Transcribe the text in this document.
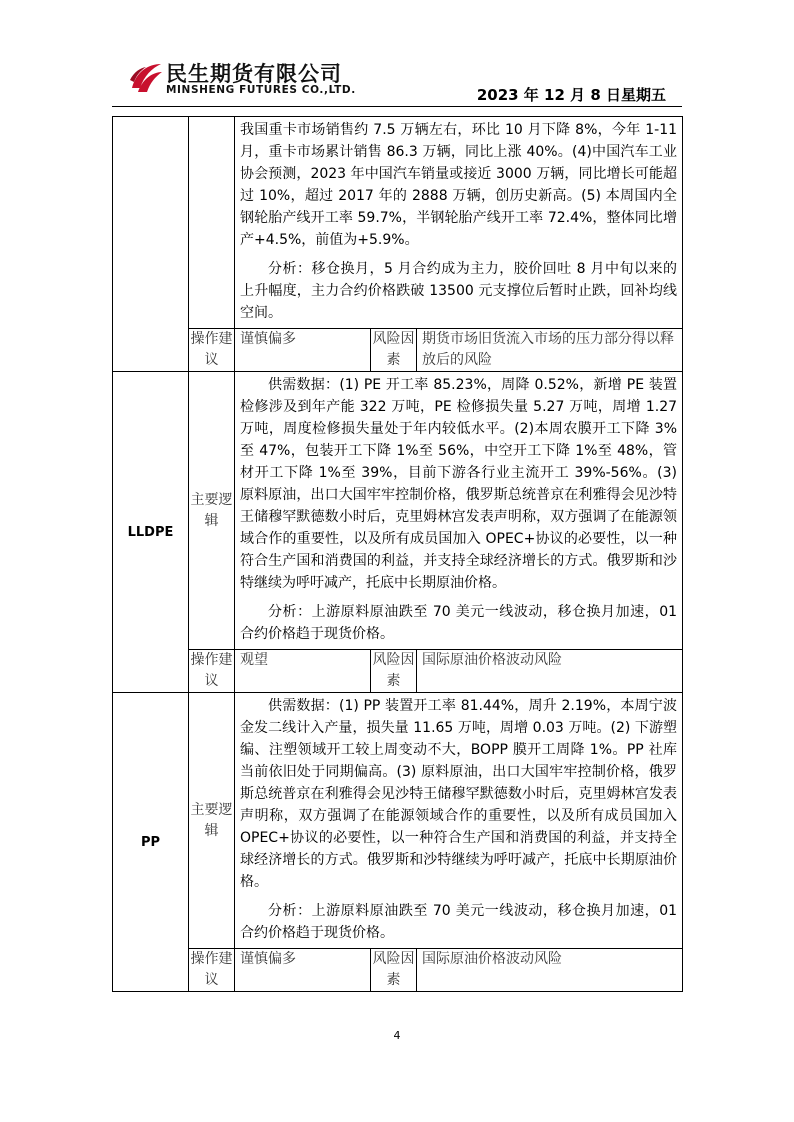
民生期货有限公司
MINSHENG FUTURES CO.,LTD.	2023 年 12 月 8 日星期五

		我国重卡市场销售约 7.5 万辆左右，环比 10 月下降 8%，今年 1-11 月，重卡市场累计销售 86.3 万辆，同比上涨 40%。(4)中国汽车工业协会预测，2023 年中国汽车销量或接近 3000 万辆，同比增长可能超过 10%，超过 2017 年的 2888 万辆，创历史新高。(5) 本周国内全钢轮胎产线开工率 59.7%，半钢轮胎产线开工率 72.4%，整体同比增产+4.5%，前值为+5.9%。

分析：移仓换月，5 月合约成为主力，胶价回吐 8 月中旬以来的上升幅度，主力合约价格跌破 13500 元支撑位后暂时止跌，回补均线空间。		

	操作建议	谨慎偏多	风险因素	期货市场旧货流入市场的压力部分得以释放后的风险
LLDPE	主要逻辑	供需数据：(1) PE 开工率 85.23%，周降 0.52%，新增 PE 装置检修涉及到年产能 322 万吨，PE 检修损失量 5.27 万吨，周增 1.27 万吨，周度检修损失量处于年内较低水平。(2)本周农膜开工下降 3%至 47%，包装开工下降 1%至 56%，中空开工下降 1%至 48%，管材开工下降 1%至 39%，目前下游各行业主流开工 39%-56%。(3) 原料原油，出口大国牢牢控制价格，俄罗斯总统普京在利雅得会见沙特王储穆罕默德数小时后，克里姆林宫发表声明称，双方强调了在能源领域合作的重要性，以及所有成员国加入 OPEC+协议的必要性，以一种符合生产国和消费国的利益，并支持全球经济增长的方式。俄罗斯和沙特继续为呼吁减产，托底中长期原油价格。

分析：上游原料原油跌至 70 美元一线波动，移仓换月加速，01 合约价格趋于现货价格。		

	操作建议	观望	风险因素	国际原油价格波动风险
PP	主要逻辑	供需数据：(1) PP 装置开工率 81.44%，周升 2.19%，本周宁波金发二线计入产量，损失量 11.65 万吨，周增 0.03 万吨。(2) 下游塑编、注塑领域开工较上周变动不大，BOPP 膜开工周降 1%。PP 社库当前依旧处于同期偏高。(3) 原料原油，出口大国牢牢控制价格，俄罗斯总统普京在利雅得会见沙特王储穆罕默德数小时后，克里姆林宫发表声明称，双方强调了在能源领域合作的重要性，以及所有成员国加入 OPEC+协议的必要性，以一种符合生产国和消费国的利益，并支持全球经济增长的方式。俄罗斯和沙特继续为呼吁减产，托底中长期原油价格。

分析：上游原料原油跌至 70 美元一线波动，移仓换月加速，01 合约价格趋于现货价格。		

	操作建议	谨慎偏多	风险因素	国际原油价格波动风险
4
